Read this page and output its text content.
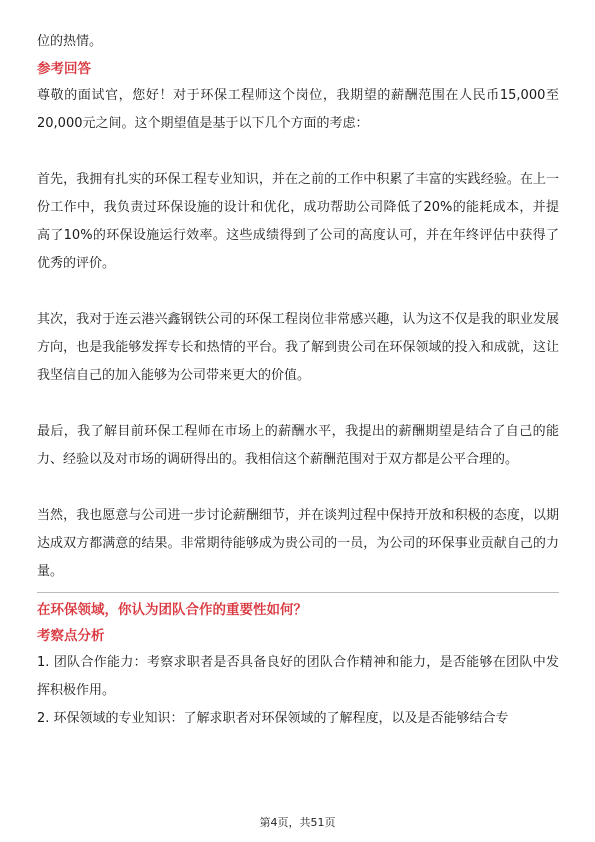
位的热情。

参考回答

尊敬的面试官，您好！对于环保工程师这个岗位，我期望的薪酬范围在人民币15,000至20,000元之间。这个期望值是基于以下几个方面的考虑：

首先，我拥有扎实的环保工程专业知识，并在之前的工作中积累了丰富的实践经验。在上一份工作中，我负责过环保设施的设计和优化，成功帮助公司降低了20%的能耗成本，并提高了10%的环保设施运行效率。这些成绩得到了公司的高度认可，并在年终评估中获得了优秀的评价。

其次，我对于连云港兴鑫钢铁公司的环保工程岗位非常感兴趣，认为这不仅是我的职业发展方向，也是我能够发挥专长和热情的平台。我了解到贵公司在环保领域的投入和成就，这让我坚信自己的加入能够为公司带来更大的价值。

最后，我了解目前环保工程师在市场上的薪酬水平，我提出的薪酬期望是结合了自己的能力、经验以及对市场的调研得出的。我相信这个薪酬范围对于双方都是公平合理的。

当然，我也愿意与公司进一步讨论薪酬细节，并在谈判过程中保持开放和积极的态度，以期达成双方都满意的结果。非常期待能够成为贵公司的一员，为公司的环保事业贡献自己的力量。

在环保领域，你认为团队合作的重要性如何？

考察点分析

1. 团队合作能力：考察求职者是否具备良好的团队合作精神和能力，是否能够在团队中发挥积极作用。

2. 环保领域的专业知识：了解求职者对环保领域的了解程度，以及是否能够结合专

第4页，共51页
